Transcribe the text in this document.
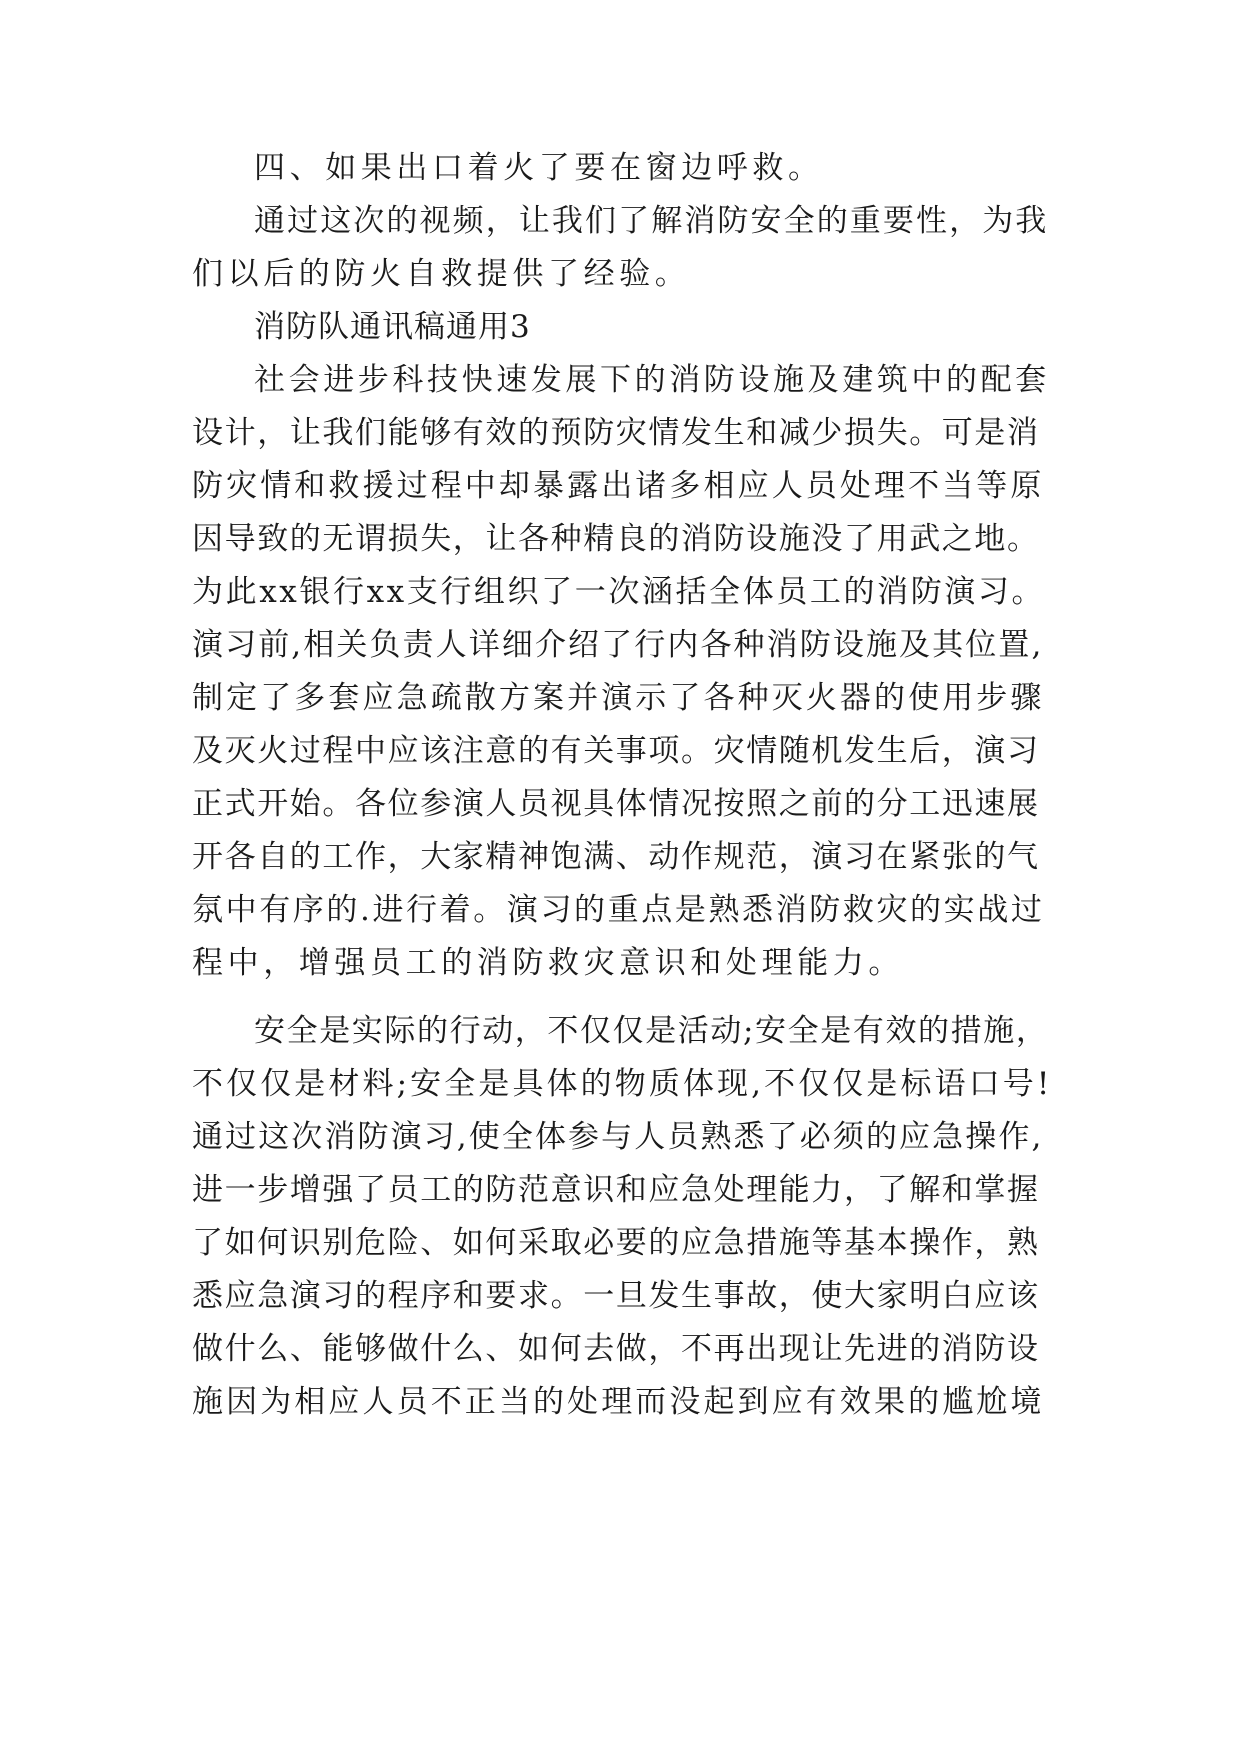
四、如果出口着火了要在窗边呼救。
通过这次的视频，让我们了解消防安全的重要性，为我
们以后的防火自救提供了经验。
消防队通讯稿通用3
社会进步科技快速发展下的消防设施及建筑中的配套
设计，让我们能够有效的预防灾情发生和减少损失。可是消
防灾情和救援过程中却暴露出诸多相应人员处理不当等原
因导致的无谓损失，让各种精良的消防设施没了用武之地。
为此xx银行xx支行组织了一次涵括全体员工的消防演习。
演习前,相关负责人详细介绍了行内各种消防设施及其位置,
制定了多套应急疏散方案并演示了各种灭火器的使用步骤
及灭火过程中应该注意的有关事项。灾情随机发生后，演习
正式开始。各位参演人员视具体情况按照之前的分工迅速展
开各自的工作，大家精神饱满、动作规范，演习在紧张的气
氛中有序的.进行着。演习的重点是熟悉消防救灾的实战过
程中，增强员工的消防救灾意识和处理能力。
安全是实际的行动，不仅仅是活动;安全是有效的措施，
不仅仅是材料;安全是具体的物质体现,不仅仅是标语口号!
通过这次消防演习,使全体参与人员熟悉了必须的应急操作,
进一步增强了员工的防范意识和应急处理能力，了解和掌握
了如何识别危险、如何采取必要的应急措施等基本操作，熟
悉应急演习的程序和要求。一旦发生事故，使大家明白应该
做什么、能够做什么、如何去做，不再出现让先进的消防设
施因为相应人员不正当的处理而没起到应有效果的尴尬境
